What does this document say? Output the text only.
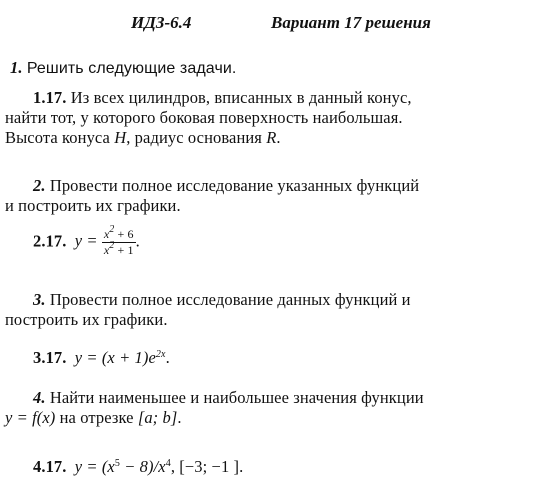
ИДЗ-6.4	Вариант 17 решения
1. Решить следующие задачи.
1.17. Из всех цилиндров, вписанных в данный конус,
найти тот, у которого боковая поверхность наибольшая.
Высота конуса H, радиус основания R.
2. Провести полное исследование указанных функций
и построить их графики.
2.17. $y = \frac{x^2 + 6}{x^2 + 1}$ .
3. Провести полное исследование данных функций и
построить их графики.
3.17. $y = (x + 1)e^{2x}$.
4. Найти наименьшее и наибольшее значения функции
y = f(x) на отрезке [a; b].
4.17. $y = (x^5 - 8)/x^4$, [−3; −1 ].
